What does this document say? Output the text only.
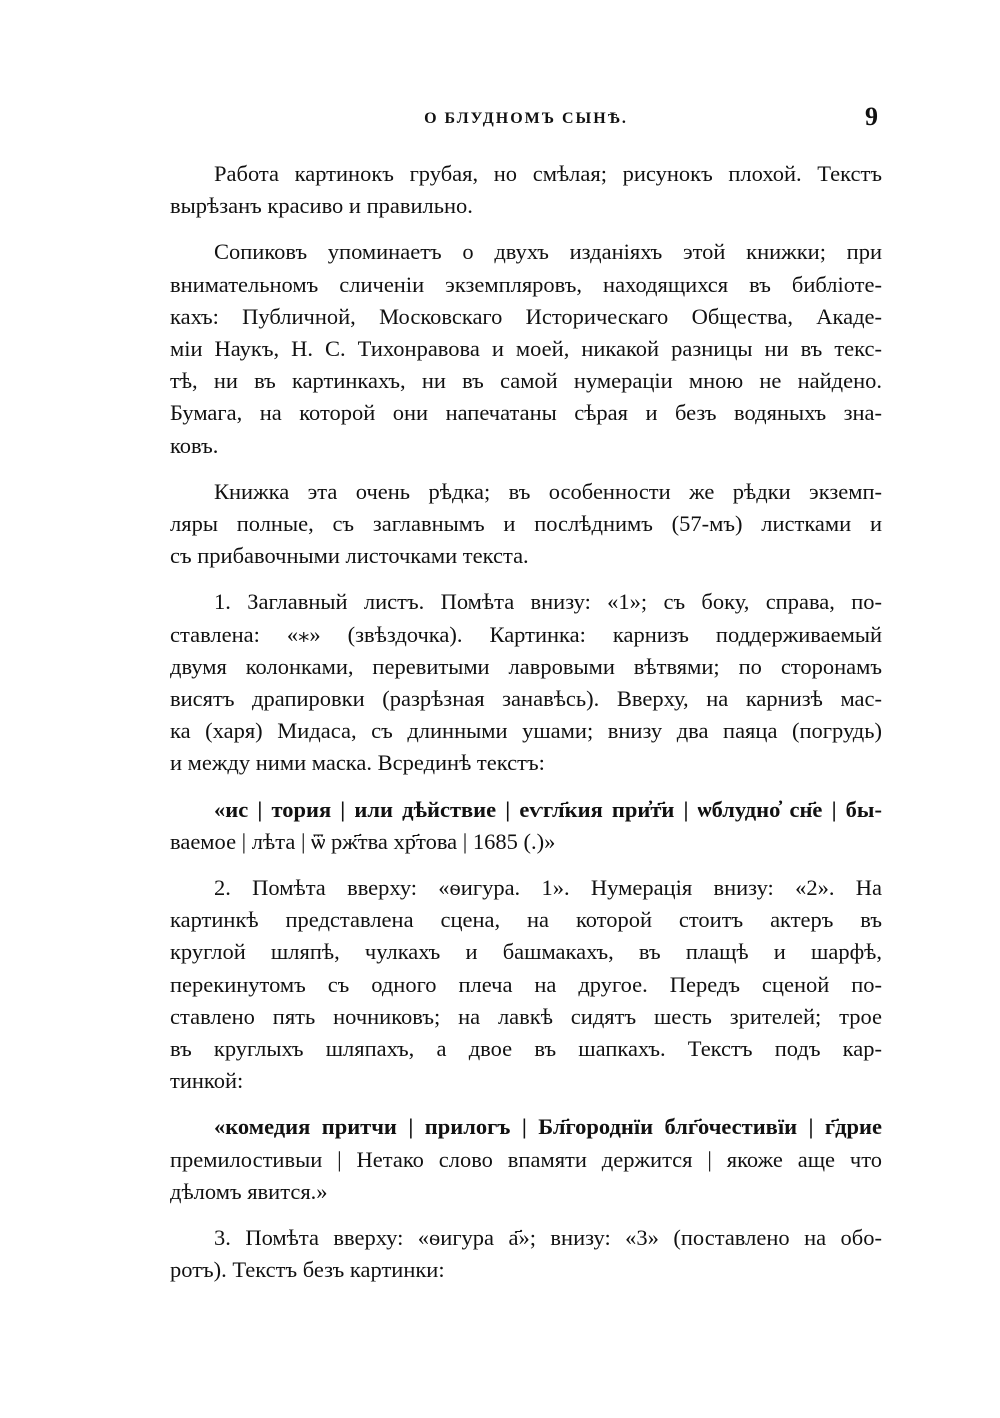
О БЛУДНОМЪ СЫНѢ.	9

Работа картинокъ грубая, но смѣлая; рисунокъ плохой. Текстъ
вырѣзанъ красиво и правильно.

Сопиковъ упоминаетъ о двухъ изданіяхъ этой книжки; при
внимательномъ сличеніи экземпляровъ, находящихся въ библіоте-
кахъ: Публичной, Московскаго Историческаго Общества, Акаде-
міи Наукъ, Н. С. Тихонравова и моей, никакой разницы ни въ текс-
тѣ, ни въ картинкахъ, ни въ самой нумераціи мною не найдено.
Бумага, на которой они напечатаны сѣрая и безъ водяныхъ зна-
ковъ.

Книжка эта очень рѣдка; въ особенности же рѣдки экземп-
ляры полные, съ заглавнымъ и послѣднимъ (57-мъ) листками и
съ прибавочными листочками текста.

1. Заглавный листъ. Помѣта внизу: «1»; съ боку, справа, по-
ставлена: «⁎» (звѣздочка). Картинка: карнизъ поддерживаемый
двумя колонками, перевитыми лавровыми вѣтвями; по сторонамъ
висятъ драпировки (разрѣзная занавѣсь). Вверху, на карнизѣ мас-
ка (харя) Мидаса, съ длинными ушами; внизу два паяца (погрудь)
и между ними маска. Всрединѣ текстъ:

«ис | тория | или дѣйствие | еѵгл҃кия при҆т҃и | ѡблудно҆ сн҃е | бы-
ваемое | лѣта | ѿ рж҃тва хр҃това | 1685 (.)»

2. Помѣта вверху: «ѳигура. 1». Нумерація внизу: «2». На
картинкѣ представлена сцена, на которой стоитъ актеръ въ
круглой шляпѣ, чулкахъ и башмакахъ, въ плащѣ и шарфѣ,
перекинутомъ съ одного плеча на другое. Передъ сценой по-
ставлено пять ночниковъ; на лавкѣ сидятъ шесть зрителей; трое
въ круглыхъ шляпахъ, а двое въ шапкахъ. Текстъ подъ кар-
тинкой:

«комедия притчи | прилогъ | Бл҃городнїи блг҃очестивїи | г҃дрие
премилостивыи | Нетако слово впамяти держится | якоже аще что
дѣломъ явится.»

3. Помѣта вверху: «ѳигура а҃»; внизу: «3» (поставлено на обо-
ротъ). Текстъ безъ картинки:
